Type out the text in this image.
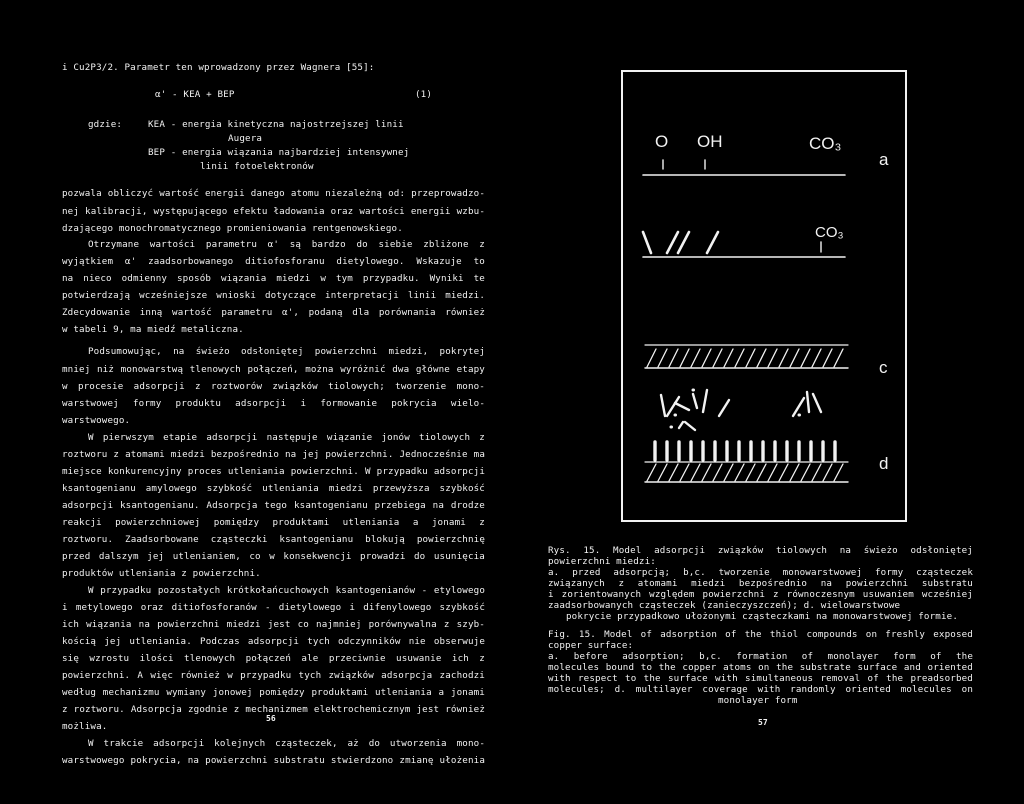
i Cu2P3/2. Parametr ten wprowadzony przez Wagnera [55]:
α' - KEA + BEP	(1)
gdzie:	KEA - energia kinetyczna najostrzejszej linii
Augera
BEP - energia wiązania najbardziej intensywnej
linii fotoelektronów
pozwala obliczyć wartość energii danego atomu niezależną od: przeprowadzo-
nej kalibracji, występującego efektu ładowania oraz wartości energii wzbu-
dzającego monochromatycznego promieniowania rentgenowskiego.
Otrzymane wartości parametru α' są bardzo do siebie zbliżone z
wyjątkiem α' zaadsorbowanego ditiofosforanu dietylowego. Wskazuje to
na nieco odmienny sposób wiązania miedzi w tym przypadku. Wyniki te
potwierdzają wcześniejsze wnioski dotyczące interpretacji linii miedzi.
Zdecydowanie inną wartość parametru α', podaną dla porównania również
w tabeli 9, ma miedź metaliczna.
Podsumowując, na świeżo odsłoniętej powierzchni miedzi, pokrytej
mniej niż monowarstwą tlenowych połączeń, można wyróżnić dwa główne etapy
w procesie adsorpcji z roztworów związków tiolowych; tworzenie mono-
warstwowej formy produktu adsorpcji i formowanie pokrycia wielo-
warstwowego.
W pierwszym etapie adsorpcji następuje wiązanie jonów tiolowych z
roztworu z atomami miedzi bezpośrednio na jej powierzchni. Jednocześnie ma
miejsce konkurencyjny proces utleniania powierzchni. W przypadku adsorpcji
ksantogenianu amylowego szybkość utleniania miedzi przewyższa szybkość
adsorpcji ksantogenianu. Adsorpcja tego ksantogenianu przebiega na drodze
reakcji powierzchniowej pomiędzy produktami utleniania a jonami z
roztworu. Zaadsorbowane cząsteczki ksantogenianu blokują powierzchnię
przed dalszym jej utlenianiem, co w konsekwencji prowadzi do usunięcia
produktów utleniania z powierzchni.
W przypadku pozostałych krótkołańcuchowych ksantogenianów - etylowego
i metylowego oraz ditiofosforanów - dietylowego i difenylowego szybkość
ich wiązania na powierzchni miedzi jest co najmniej porównywalna z szyb-
kością jej utleniania. Podczas adsorpcji tych odczynników nie obserwuje
się wzrostu ilości tlenowych połączeń ale przeciwnie usuwanie ich z
powierzchni. A więc również w przypadku tych związków adsorpcja zachodzi
według mechanizmu wymiany jonowej pomiędzy produktami utleniania a jonami
z roztworu. Adsorpcja zgodnie z mechanizmem elektrochemicznym jest również
możliwa.
W trakcie adsorpcji kolejnych cząsteczek, aż do utworzenia mono-
warstwowego pokrycia, na powierzchni substratu stwierdzono zmianę ułożenia
56
O OH	CO₃
a
CO₃
c
d
Rys. 15. Model adsorpcji związków tiolowych na świeżo odsłoniętej
powierzchni miedzi:
a. przed adsorpcją; b,c. tworzenie monowarstwowej formy cząsteczek
związanych z atomami miedzi bezpośrednio na powierzchni substratu
i zorientowanych względem powierzchni z równoczesnym usuwaniem wcześniej
zaadsorbowanych cząsteczek (zanieczyszczeń); d. wielowarstwowe
pokrycie przypadkowo ułożonymi cząsteczkami na monowarstwowej formie.
Fig. 15. Model of adsorption of the thiol compounds on freshly exposed
copper surface:
a. before adsorption; b,c. formation of monolayer form of the
molecules bound to the copper atoms on the substrate surface and oriented
with respect to the surface with simultaneous removal of the preadsorbed
molecules; d. multilayer coverage with randomly oriented molecules on
monolayer form
57
